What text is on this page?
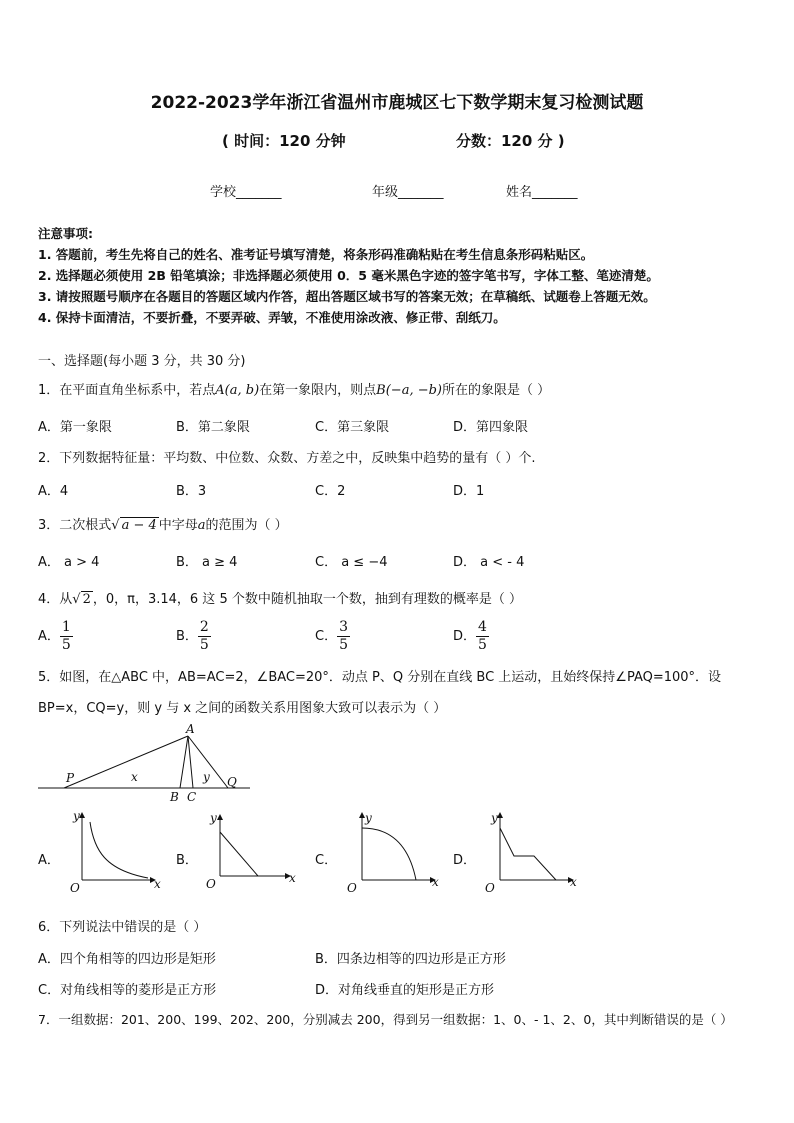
2022-2023学年浙江省温州市鹿城区七下数学期末复习检测试题
( 时间：120 分钟	分数：120 分 )
学校_______	年级_______	姓名_______
注意事项:
1. 答题前，考生先将自己的姓名、准考证号填写清楚，将条形码准确粘贴在考生信息条形码粘贴区。
2. 选择题必须使用 2B 铅笔填涂；非选择题必须使用 0．5 毫米黑色字迹的签字笔书写，字体工整、笔迹清楚。
3. 请按照题号顺序在各题目的答题区域内作答，超出答题区域书写的答案无效；在草稿纸、试题卷上答题无效。
4. 保持卡面清洁，不要折叠，不要弄破、弄皱，不准使用涂改液、修正带、刮纸刀。
一、选择题(每小题 3 分，共 30 分)
1．在平面直角坐标系中，若点A(a, b)在第一象限内，则点B(−a, −b)所在的象限是（ ）
A．第一象限	B．第二象限	C．第三象限	D．第四象限
2．下列数据特征量：平均数、中位数、众数、方差之中，反映集中趋势的量有（ ）个.
A．4	B．3	C．2	D．1
3．二次根式√ a − 4 中字母a的范围为（ ）
A． a > 4	B． a ≥ 4	C． a ≤ −4	D． a < - 4
4．从√ 2 ，0，π，3.14，6 这 5 个数中随机抽取一个数，抽到有理数的概率是（ ）
A． $\frac{1}{5}$	B． $\frac{2}{5}$	C． $\frac{3}{5}$	D． $\frac{4}{5}$
5．如图，在△ABC 中，AB=AC=2，∠BAC=20°．动点 P、Q 分别在直线 BC 上运动，且始终保持∠PAQ=100°．设
BP=x，CQ=y，则 y 与 x 之间的函数关系用图象大致可以表示为（ ）
A
P	x	y Q
B C
A．	B．	C．	D．
y
x
O
y
x
O
y
x
O
y
x
O
6．下列说法中错误的是（ ）
A．四个角相等的四边形是矩形	B．四条边相等的四边形是正方形
C．对角线相等的菱形是正方形	D．对角线垂直的矩形是正方形
7．一组数据：201、200、199、202、200，分别减去 200，得到另一组数据：1、0、- 1、2、0，其中判断错误的是（ ）
